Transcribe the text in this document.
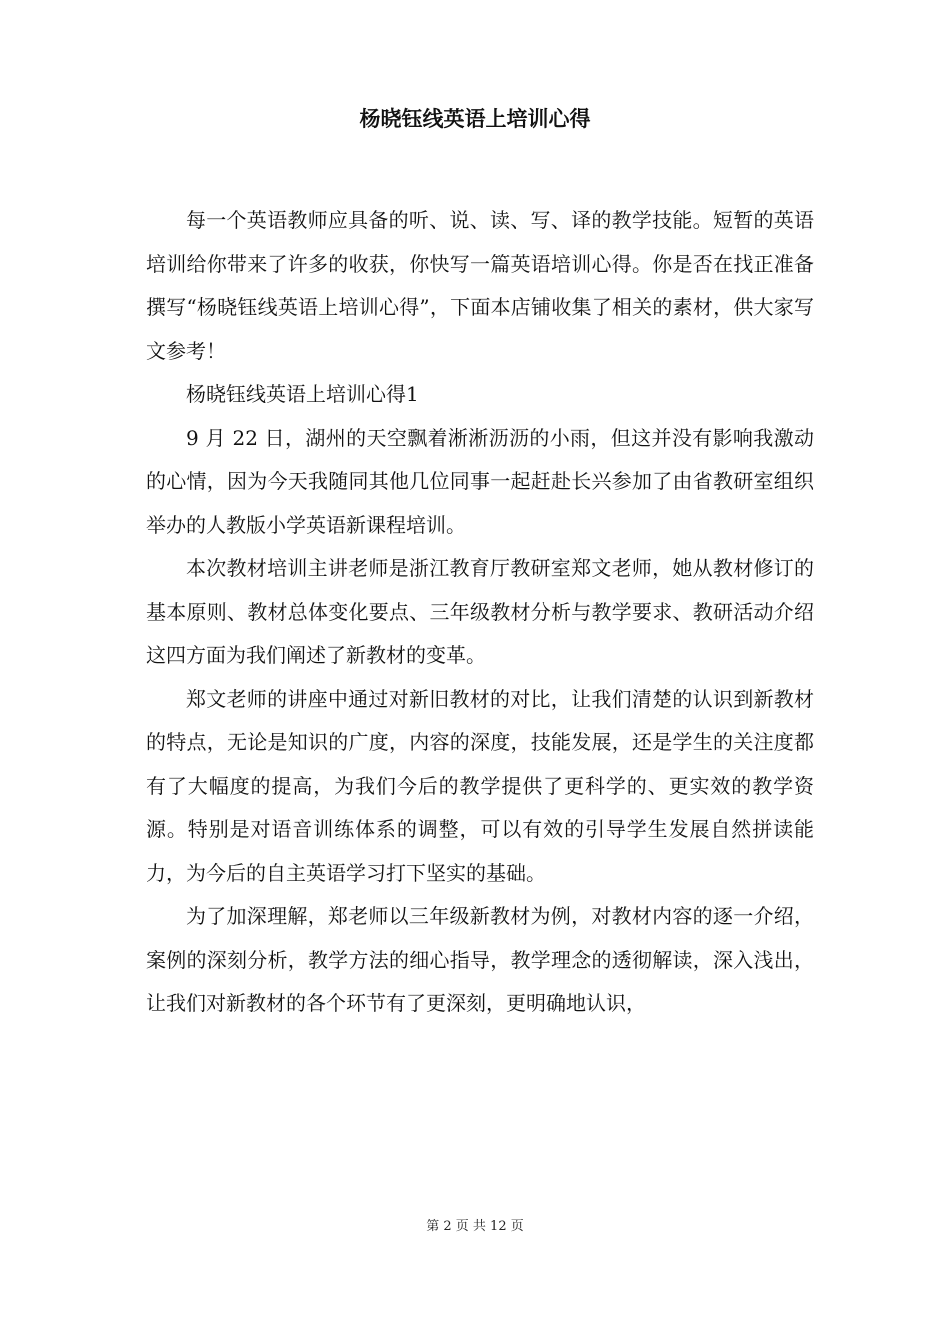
杨晓钰线英语上培训心得

每一个英语教师应具备的听、说、读、写、译的教学技能。短暂的英语培训给你带来了许多的收获，你快写一篇英语培训心得。你是否在找正准备撰写“杨晓钰线英语上培训心得”，下面本店铺收集了相关的素材，供大家写文参考！

杨晓钰线英语上培训心得1

9 月 22 日，湖州的天空飘着淅淅沥沥的小雨，但这并没有影响我激动的心情，因为今天我随同其他几位同事一起赶赴长兴参加了由省教研室组织举办的人教版小学英语新课程培训。

本次教材培训主讲老师是浙江教育厅教研室郑文老师，她从教材修订的基本原则、教材总体变化要点、三年级教材分析与教学要求、教研活动介绍这四方面为我们阐述了新教材的变革。

郑文老师的讲座中通过对新旧教材的对比，让我们清楚的认识到新教材的特点，无论是知识的广度，内容的深度，技能发展，还是学生的关注度都有了大幅度的提高，为我们今后的教学提供了更科学的、更实效的教学资源。特别是对语音训练体系的调整，可以有效的引导学生发展自然拼读能力，为今后的自主英语学习打下坚实的基础。

为了加深理解，郑老师以三年级新教材为例，对教材内容的逐一介绍，案例的深刻分析，教学方法的细心指导，教学理念的透彻解读，深入浅出，让我们对新教材的各个环节有了更深刻，更明确地认识，

第 2 页 共 12 页
